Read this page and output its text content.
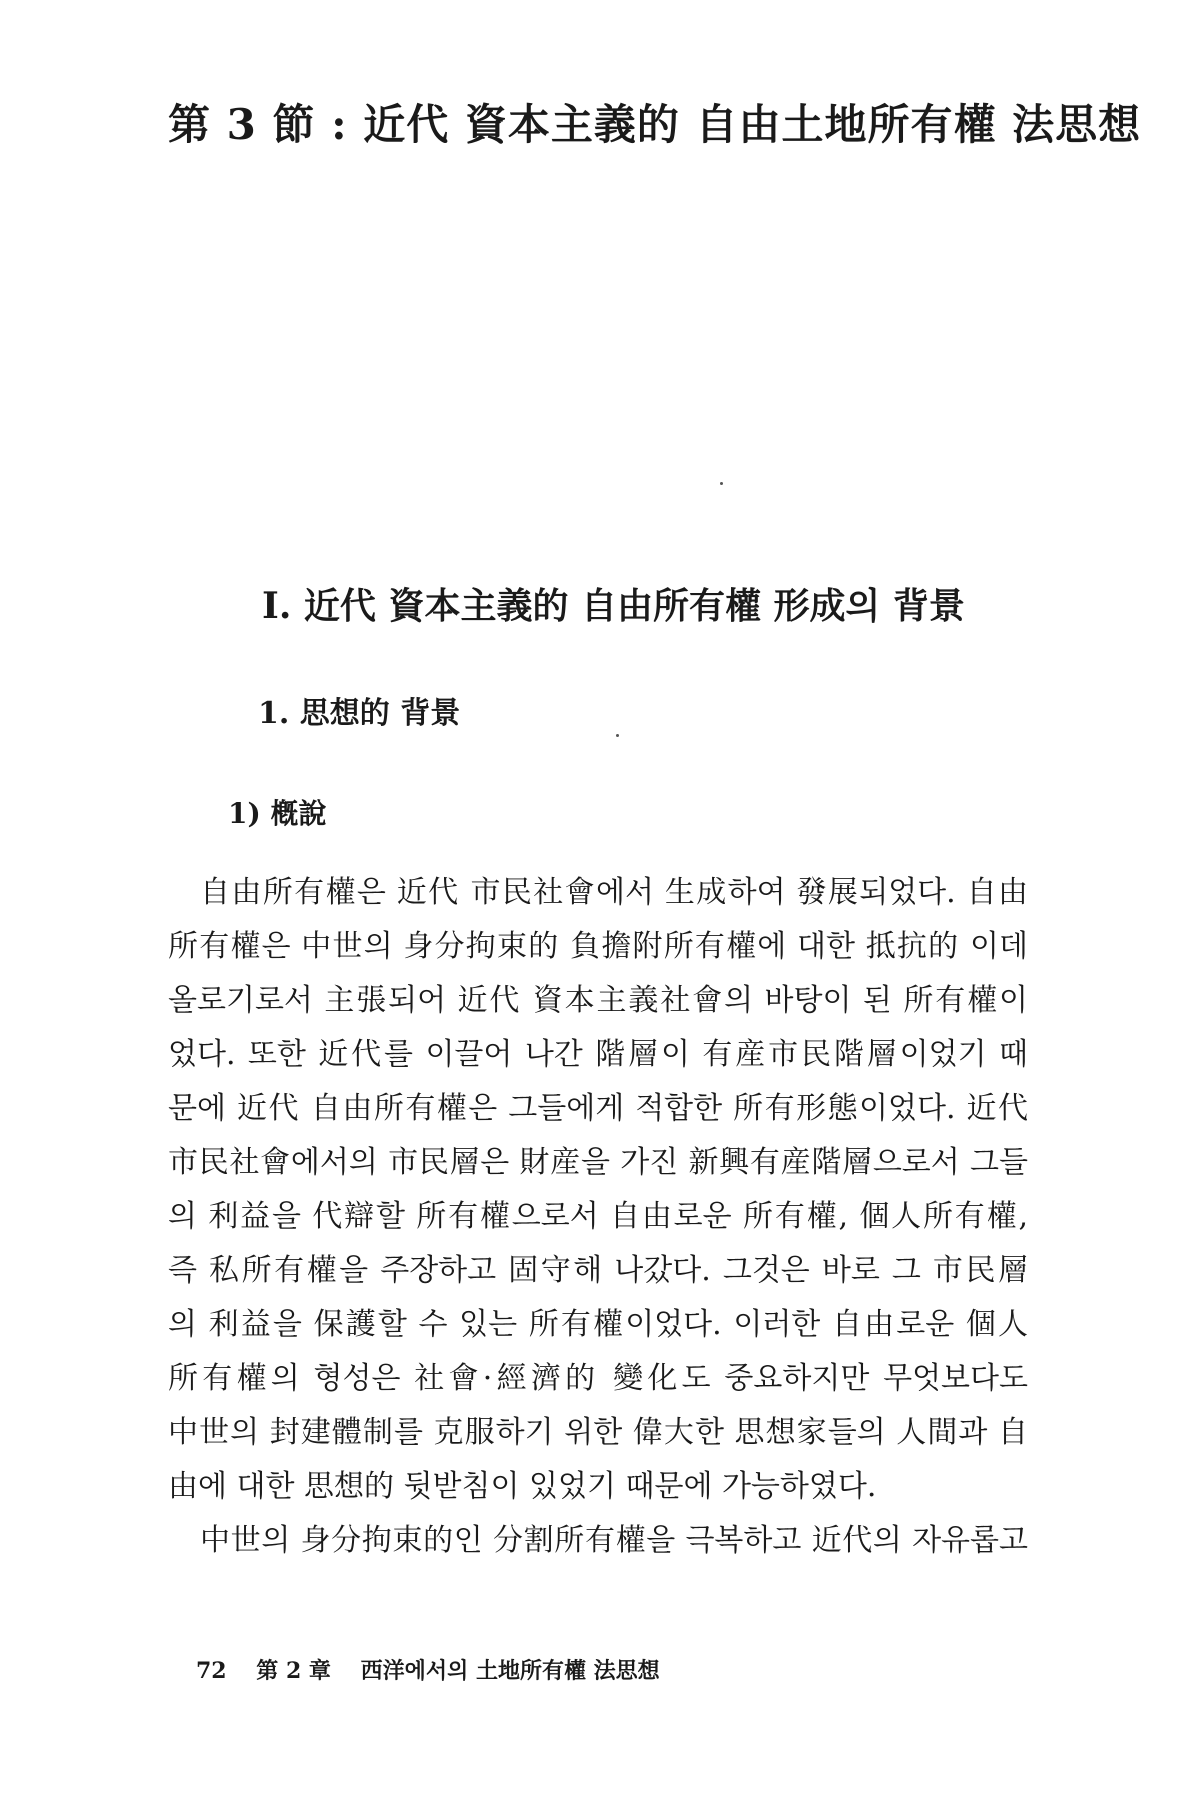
第 3 節 : 近代 資本主義的 自由土地所有權 法思想
Ⅰ. 近代 資本主義的 自由所有權 形成의 背景
1. 思想的 背景
1) 槪說
自由所有權은 近代 市民社會에서 生成하여 發展되었다. 自由
所有權은 中世의 身分拘束的 負擔附所有權에 대한 抵抗的 이데
올로기로서 主張되어 近代 資本主義社會의 바탕이 된 所有權이
었다. 또한 近代를 이끌어 나간 階層이 有産市民階層이었기 때
문에 近代 自由所有權은 그들에게 적합한 所有形態이었다. 近代
市民社會에서의 市民層은 財産을 가진 新興有産階層으로서 그들
의 利益을 代辯할 所有權으로서 自由로운 所有權, 個人所有權,
즉 私所有權을 주장하고 固守해 나갔다. 그것은 바로 그 市民層
의 利益을 保護할 수 있는 所有權이었다. 이러한 自由로운 個人
所有權의 형성은 社會·經濟的 變化도 중요하지만 무엇보다도
中世의 封建體制를 克服하기 위한 偉大한 思想家들의 人間과 自
由에 대한 思想的 뒷받침이 있었기 때문에 가능하였다.
中世의 身分拘束的인 分割所有權을 극복하고 近代의 자유롭고
72 第 2 章 西洋에서의 土地所有權 法思想
